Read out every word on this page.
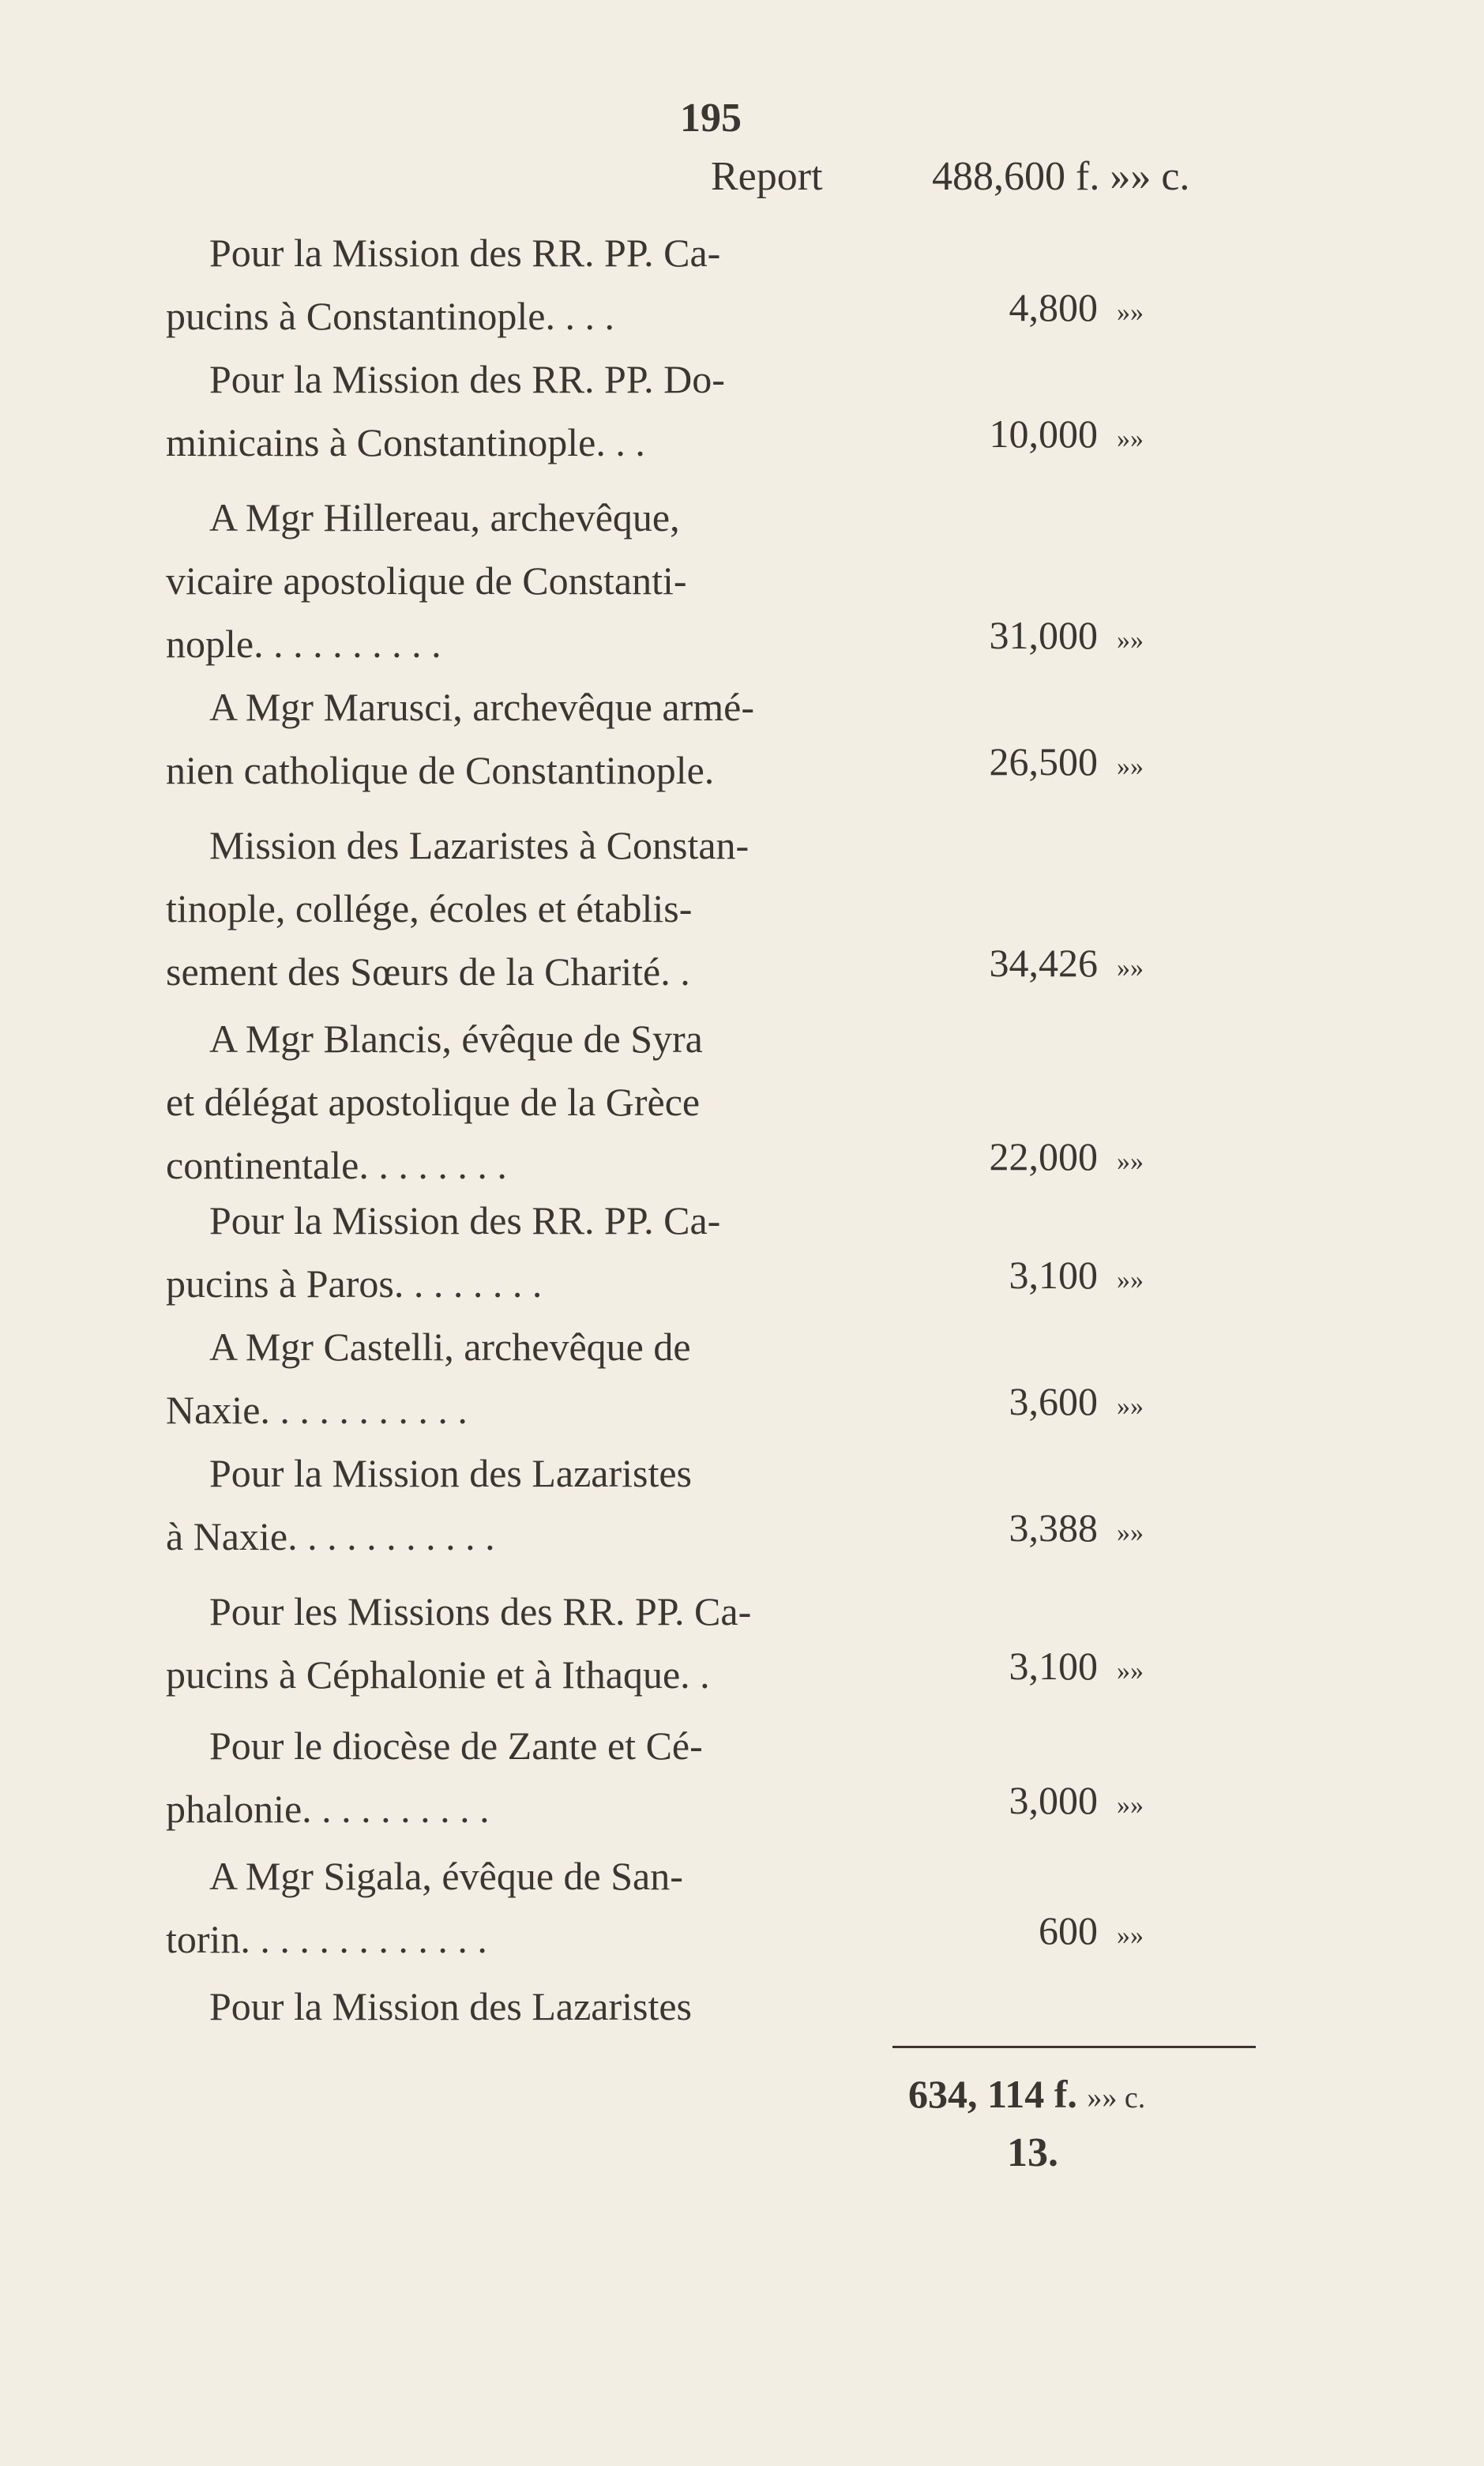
195
Report	488,600 f. »» c.
Pour la Mission des RR. PP. Ca-
pucins à Constantinople. . . .	4,800 »»
Pour la Mission des RR. PP. Do-
minicains à Constantinople. . .	10,000 »»
A Mgr Hillereau, archevêque,
vicaire apostolique de Constanti-
nople. . . . . . . . . .	31,000 »»
A Mgr Marusci, archevêque armé-
nien catholique de Constantinople.	26,500 »»
Mission des Lazaristes à Constan-
tinople, collége, écoles et établis-
sement des Sœurs de la Charité. .	34,426 »»
A Mgr Blancis, évêque de Syra
et délégat apostolique de la Grèce
continentale. . . . . . . .	22,000 »»
Pour la Mission des RR. PP. Ca-
pucins à Paros. . . . . . . .	3,100 »»
A Mgr Castelli, archevêque de
Naxie. . . . . . . . . . .	3,600 »»
Pour la Mission des Lazaristes
à Naxie. . . . . . . . . . .	3,388 »»
Pour les Missions des RR. PP. Ca-
pucins à Céphalonie et à Ithaque. .	3,100 »»
Pour le diocèse de Zante et Cé-
phalonie. . . . . . . . . .	3,000 »»
A Mgr Sigala, évêque de San-
torin. . . . . . . . . . . . .	600 »»
Pour la Mission des Lazaristes
634, 114 f. »» c.
13.
